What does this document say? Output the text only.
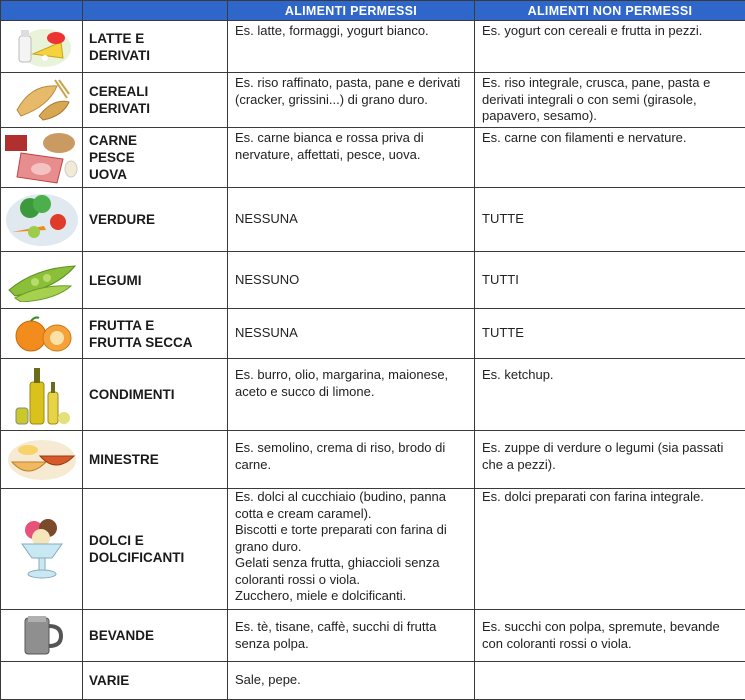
		ALIMENTI PERMESSI	ALIMENTI NON PERMESSI

LATTE E
DERIVATI	Es. latte, formaggi, yogurt bianco.	Es. yogurt con cereali e frutta in pezzi.

CEREALI
DERIVATI	Es. riso raffinato, pasta, pane e derivati (cracker, grissini...) di grano duro.	Es. riso integrale, crusca, pane, pasta e derivati integrali o con semi (girasole, papavero, sesamo).

CARNE
PESCE
UOVA	Es. carne bianca e rossa priva di nervature, affettati, pesce, uova.	Es. carne con filamenti e nervature.

VERDURE	NESSUNA	TUTTE

LEGUMI	NESSUNO	TUTTI

FRUTTA E
FRUTTA SECCA	NESSUNA	TUTTE

CONDIMENTI	Es. burro, olio, margarina, maionese, aceto e succo di limone.	Es. ketchup.

MINESTRE	Es. semolino, crema di riso, brodo di carne.	Es. zuppe di verdure o legumi (sia passati che a pezzi).

DOLCI E
DOLCIFICANTI	Es. dolci al cucchiaio (budino, panna cotta e cream caramel).
Biscotti e torte preparati con farina di grano duro.
Gelati senza frutta, ghiaccioli senza coloranti rossi o viola.
Zucchero, miele e dolcificanti.	Es. dolci preparati con farina integrale.

BEVANDE	Es. tè, tisane, caffè, succhi di frutta senza polpa.	Es. succhi con polpa, spremute, bevande con coloranti rossi o viola.

	VARIE	Sale, pepe.	
